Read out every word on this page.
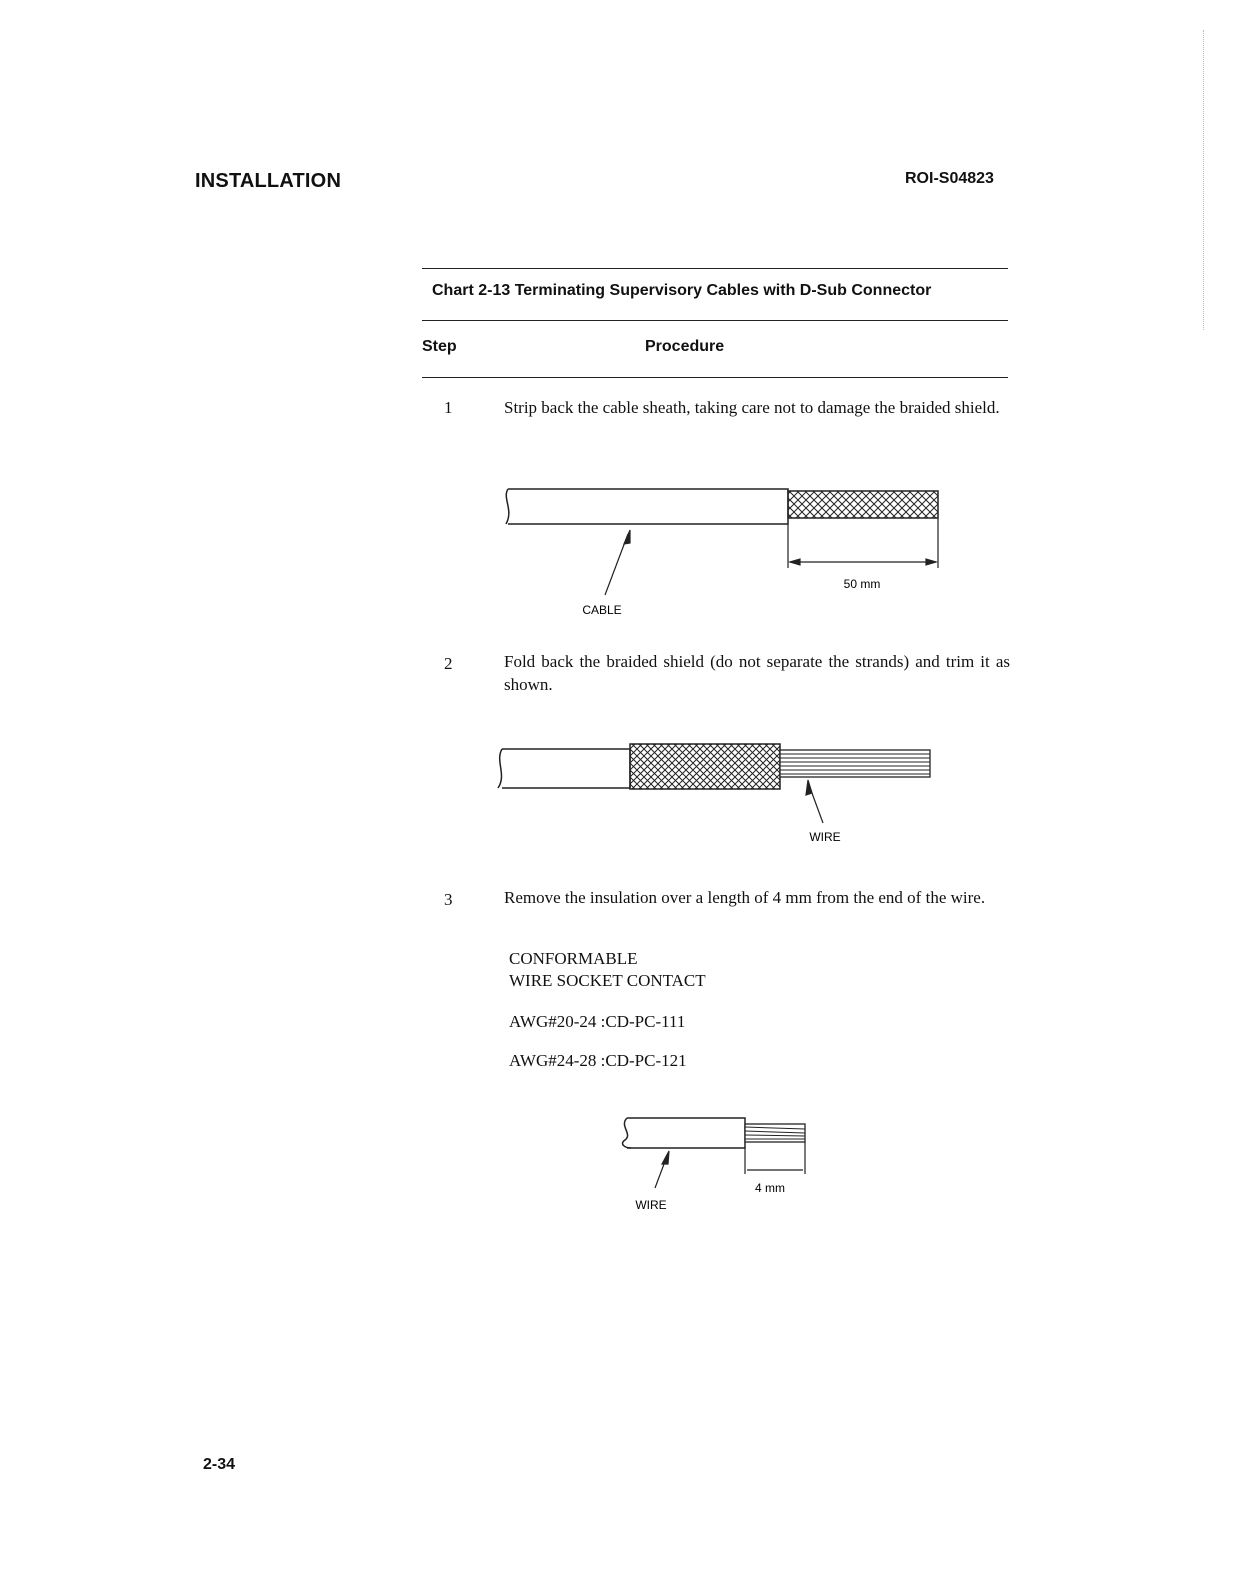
INSTALLATION	ROI-S04823
Chart 2-13 Terminating Supervisory Cables with D-Sub Connector
Step	Procedure
1	Strip back the cable sheath, taking care not to damage the braided shield.
CABLE
50 mm
2	Fold back the braided shield (do not separate the strands) and trim it as shown.
WIRE
3	Remove the insulation over a length of 4 mm from the end of the wire.
CONFORMABLE
WIRE SOCKET CONTACT
AWG#20-24 :CD-PC-111
AWG#24-28 :CD-PC-121
4 mm
WIRE
2-34
